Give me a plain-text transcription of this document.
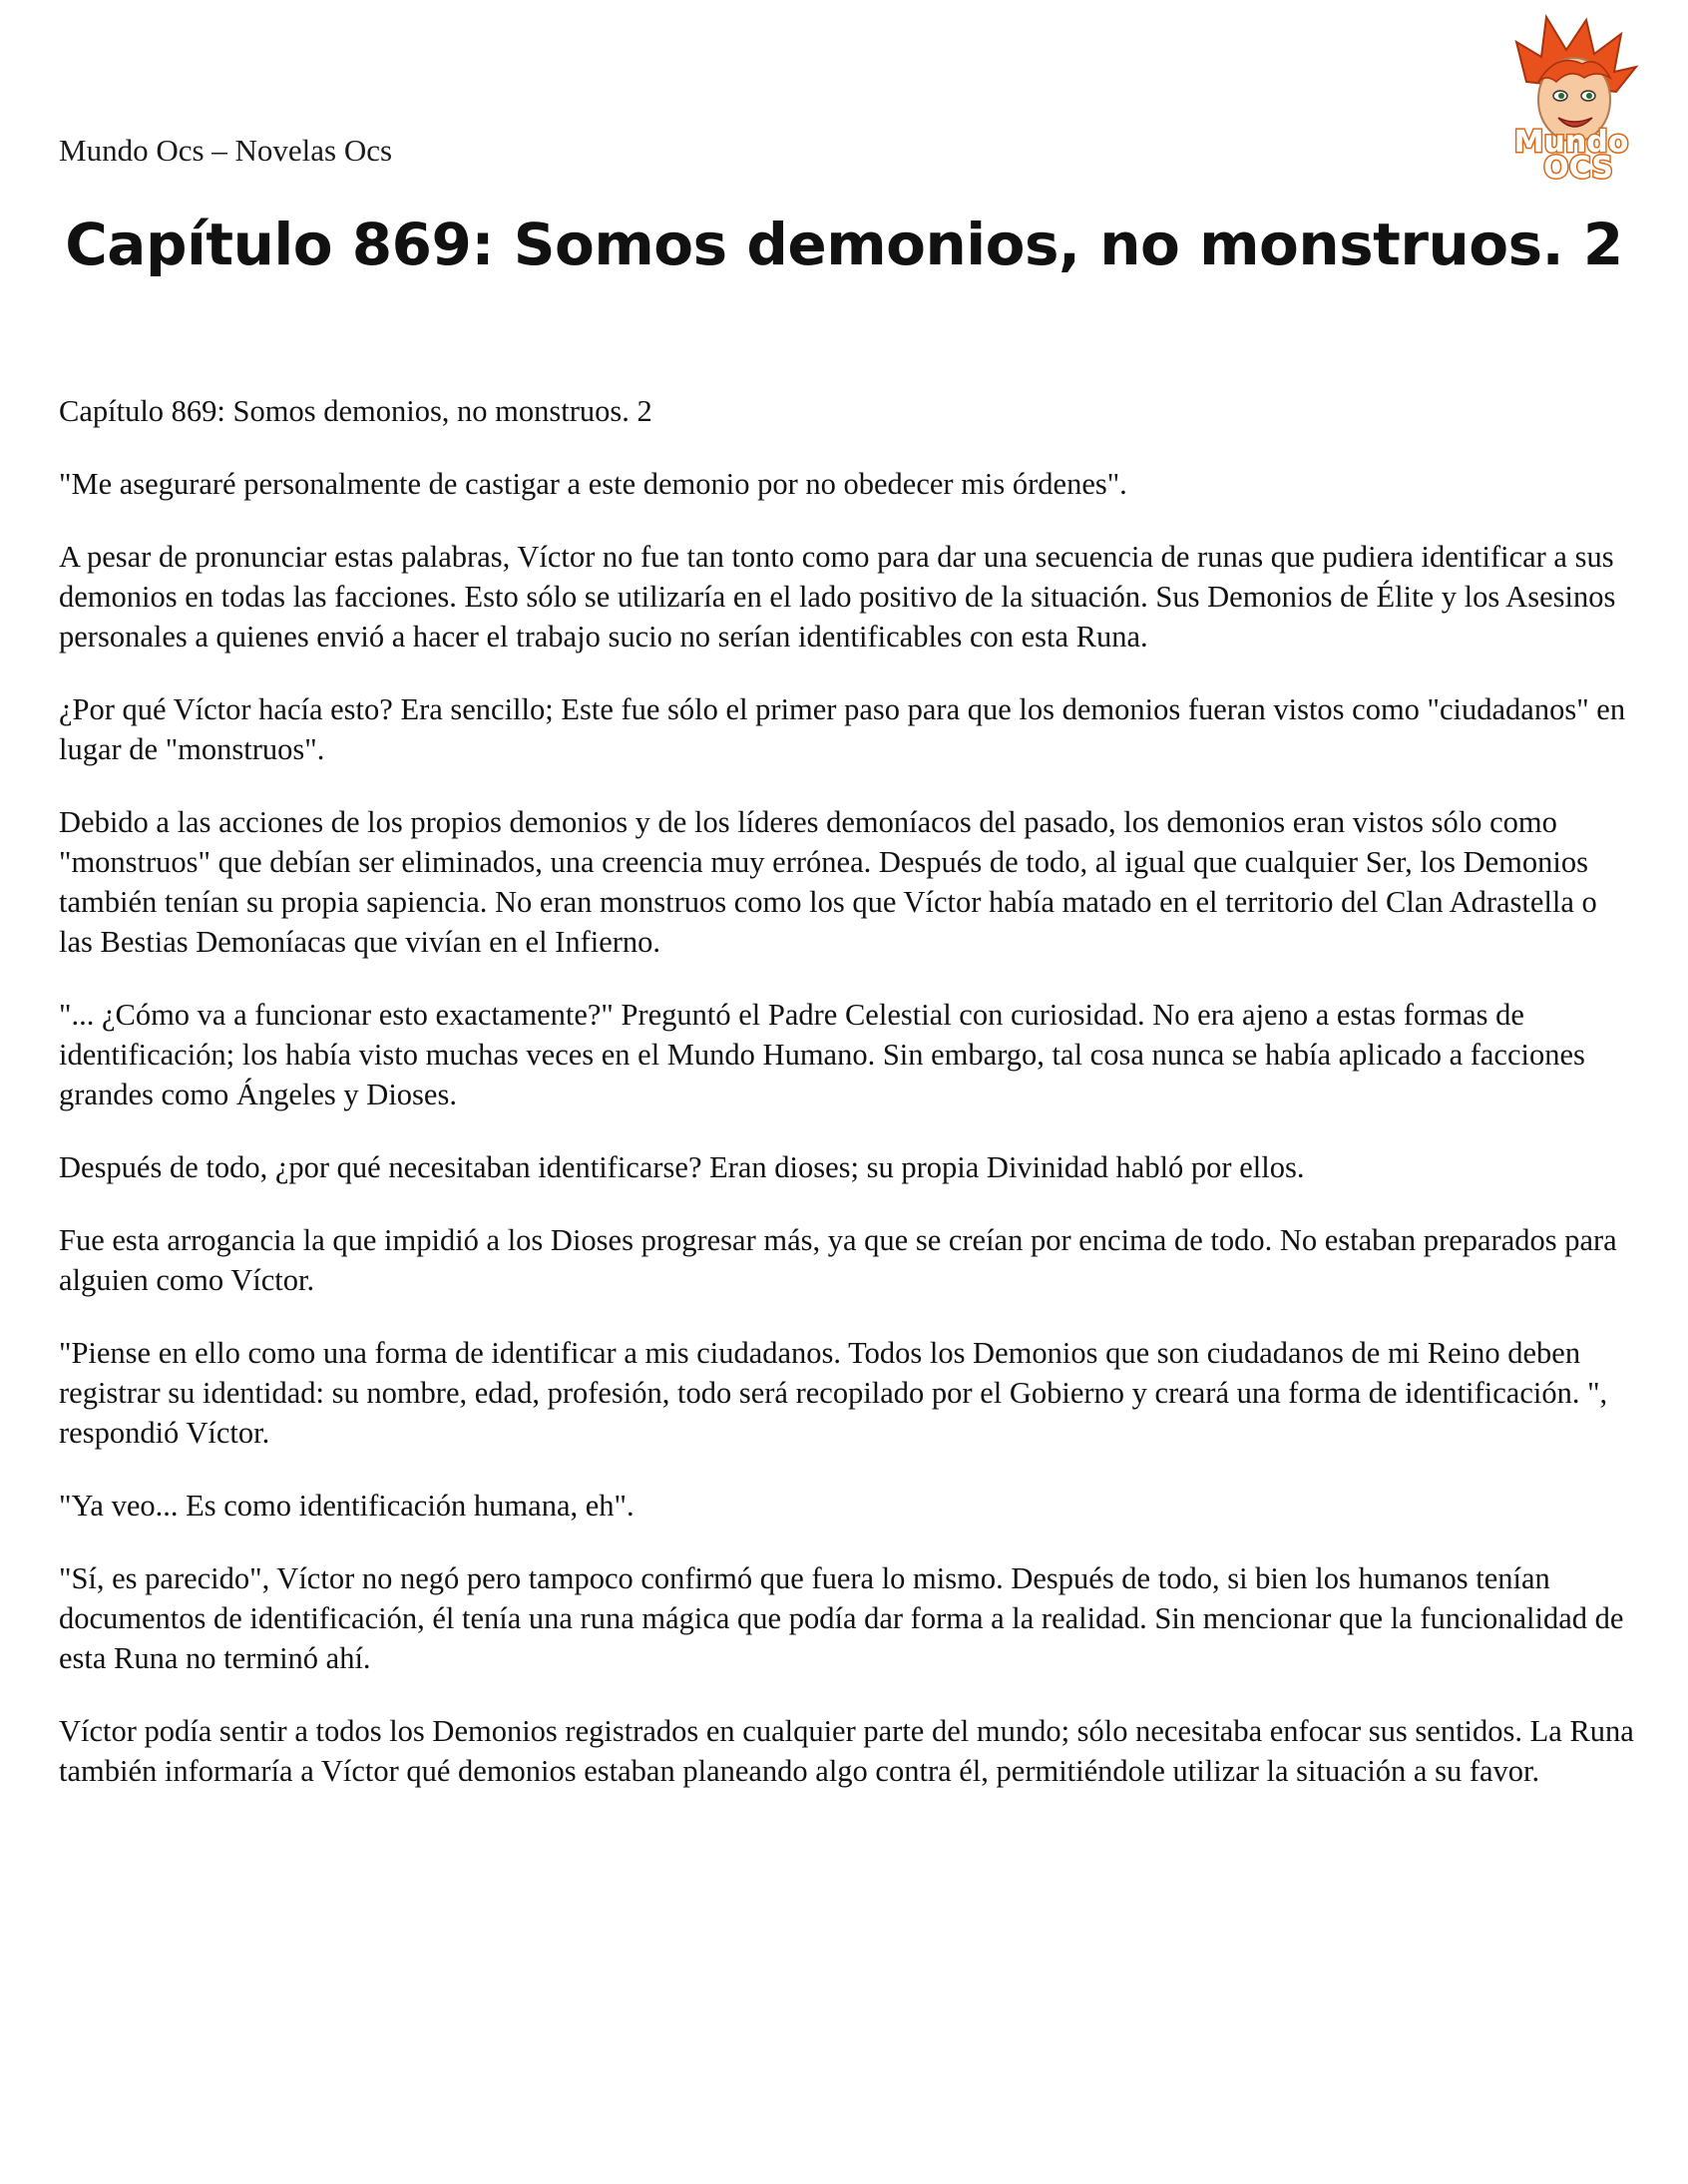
Mundo Ocs – Novelas Ocs	Mundo
OCS
Capítulo 869: Somos demonios, no monstruos. 2

Capítulo 869: Somos demonios, no monstruos. 2

"Me aseguraré personalmente de castigar a este demonio por no obedecer mis órdenes".

A pesar de pronunciar estas palabras, Víctor no fue tan tonto como para dar una secuencia de runas que pudiera identificar a sus demonios en todas las facciones. Esto sólo se utilizaría en el lado positivo de la situación. Sus Demonios de Élite y los Asesinos personales a quienes envió a hacer el trabajo sucio no serían identificables con esta Runa.

¿Por qué Víctor hacía esto? Era sencillo; Este fue sólo el primer paso para que los demonios fueran vistos como "ciudadanos" en lugar de "monstruos".

Debido a las acciones de los propios demonios y de los líderes demoníacos del pasado, los demonios eran vistos sólo como "monstruos" que debían ser eliminados, una creencia muy errónea. Después de todo, al igual que cualquier Ser, los Demonios también tenían su propia sapiencia. No eran monstruos como los que Víctor había matado en el territorio del Clan Adrastella o las Bestias Demoníacas que vivían en el Infierno.

"... ¿Cómo va a funcionar esto exactamente?" Preguntó el Padre Celestial con curiosidad. No era ajeno a estas formas de identificación; los había visto muchas veces en el Mundo Humano. Sin embargo, tal cosa nunca se había aplicado a facciones grandes como Ángeles y Dioses.

Después de todo, ¿por qué necesitaban identificarse? Eran dioses; su propia Divinidad habló por ellos.

Fue esta arrogancia la que impidió a los Dioses progresar más, ya que se creían por encima de todo. No estaban preparados para alguien como Víctor.

"Piense en ello como una forma de identificar a mis ciudadanos. Todos los Demonios que son ciudadanos de mi Reino deben registrar su identidad: su nombre, edad, profesión, todo será recopilado por el Gobierno y creará una forma de identificación. ", respondió Víctor.

"Ya veo... Es como identificación humana, eh".

"Sí, es parecido", Víctor no negó pero tampoco confirmó que fuera lo mismo. Después de todo, si bien los humanos tenían documentos de identificación, él tenía una runa mágica que podía dar forma a la realidad. Sin mencionar que la funcionalidad de esta Runa no terminó ahí.

Víctor podía sentir a todos los Demonios registrados en cualquier parte del mundo; sólo necesitaba enfocar sus sentidos. La Runa también informaría a Víctor qué demonios estaban planeando algo contra él, permitiéndole utilizar la situación a su favor.
